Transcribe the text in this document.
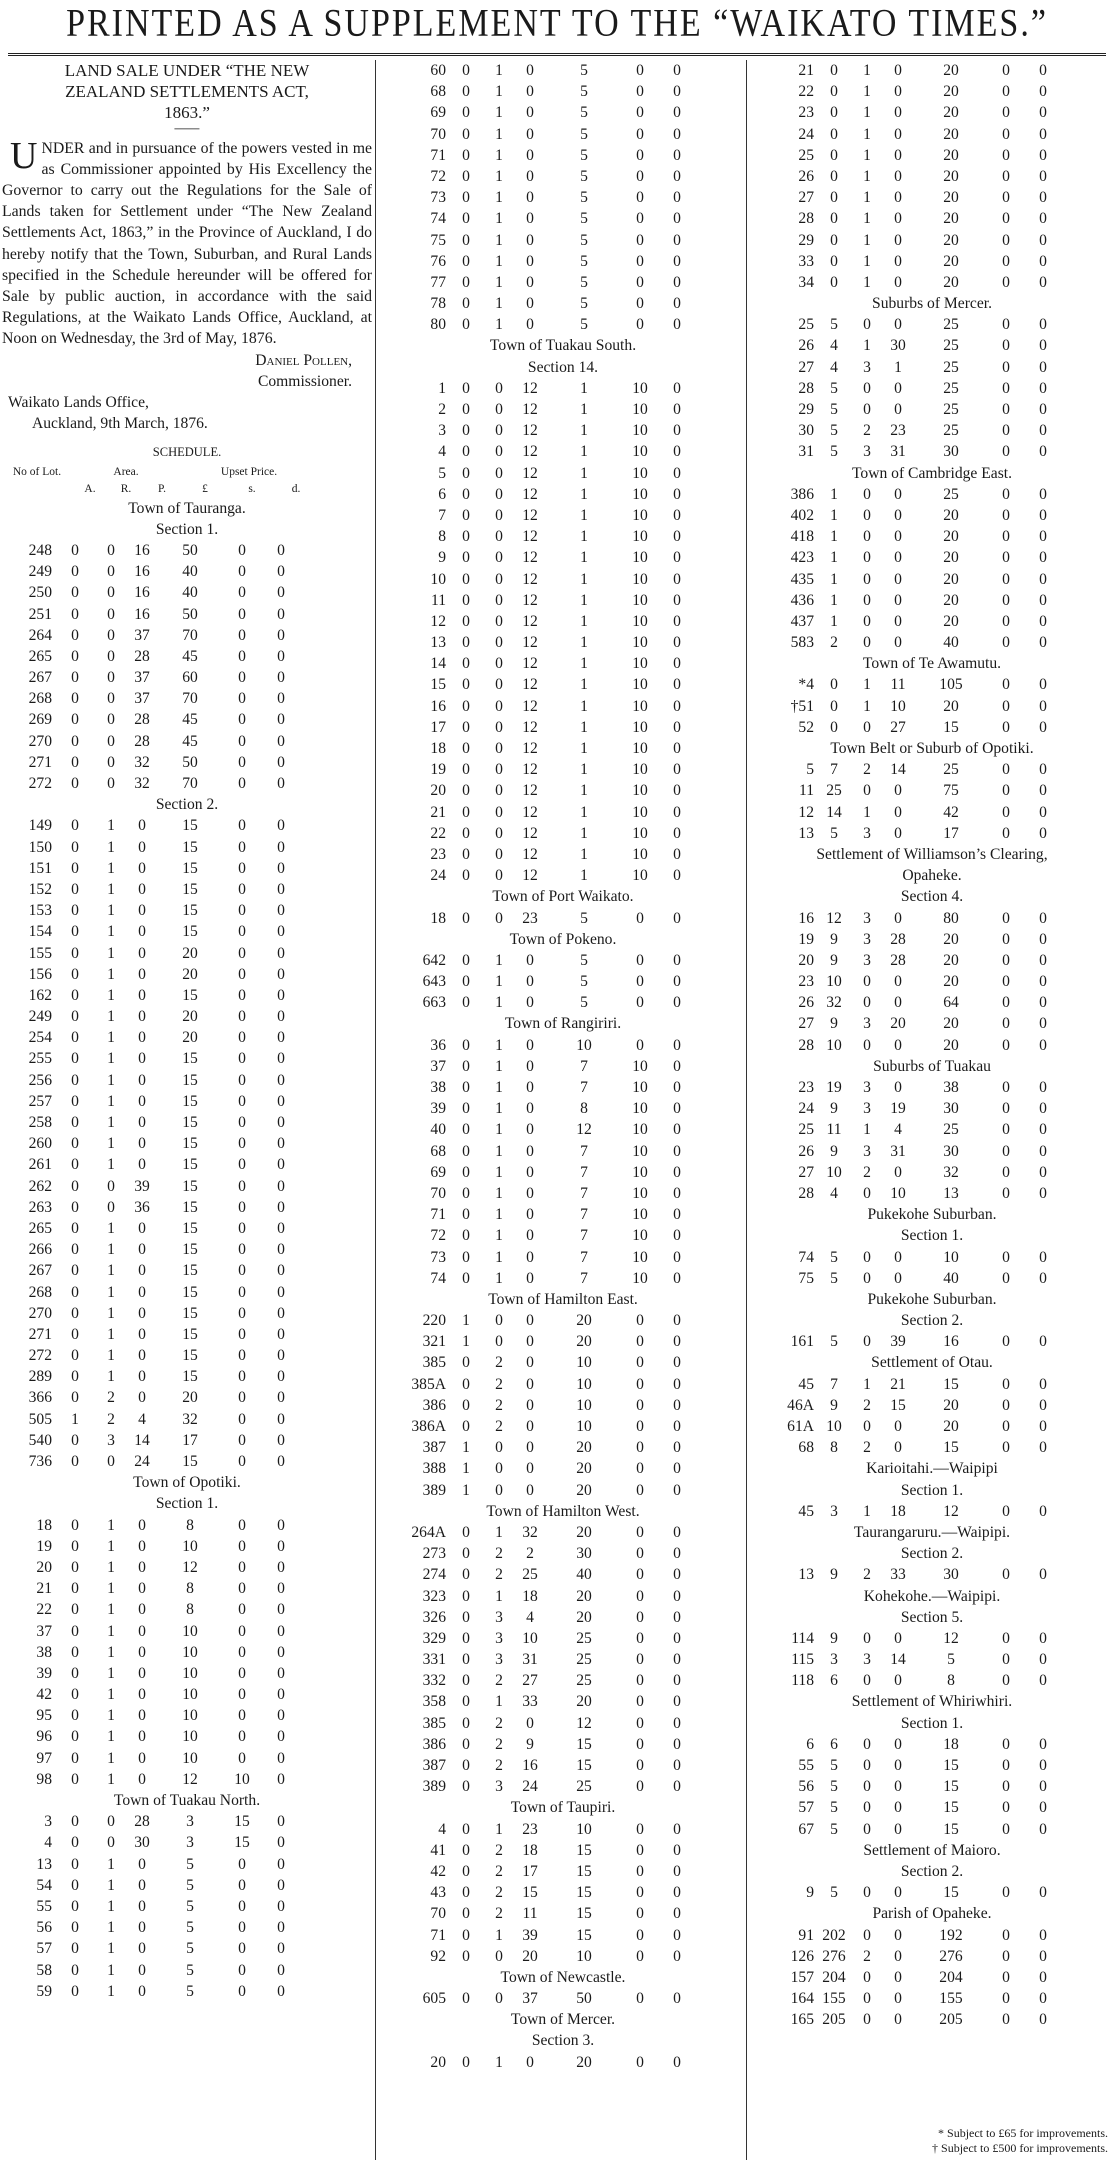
PRINTED AS A SUPPLEMENT TO THE “WAIKATO TIMES.”
LAND SALE UNDER “THE NEW
ZEALAND SETTLEMENTS ACT,
1863.”
⸺
UNDER and in pursuance of the powers vested in me as Commissioner appointed by His Excellency the Governor to carry out the Regulations for the Sale of Lands taken for Settlement under “The New Zealand Settlements Act, 1863,” in the Province of Auckland, I do hereby notify that the Town, Suburban, and Rural Lands specified in the Schedule hereunder will be offered for Sale by public auction, in accordance with the said Regulations, at the Waikato Lands Office, Auckland, at Noon on Wednesday, the 3rd of May, 1876.
Daniel Pollen,
Commissioner.
Waikato Lands Office,
Auckland, 9th March, 1876.
SCHEDULE.
No of Lot.	Area.	Upset Price.
A.	R.	P.	£	s.	d.
Town of Tauranga.
Section 1.
248	0	0	16	50	0	0
249	0	0	16	40	0	0
250	0	0	16	40	0	0
251	0	0	16	50	0	0
264	0	0	37	70	0	0
265	0	0	28	45	0	0
267	0	0	37	60	0	0
268	0	0	37	70	0	0
269	0	0	28	45	0	0
270	0	0	28	45	0	0
271	0	0	32	50	0	0
272	0	0	32	70	0	0
Section 2.
149	0	1	0	15	0	0
150	0	1	0	15	0	0
151	0	1	0	15	0	0
152	0	1	0	15	0	0
153	0	1	0	15	0	0
154	0	1	0	15	0	0
155	0	1	0	20	0	0
156	0	1	0	20	0	0
162	0	1	0	15	0	0
249	0	1	0	20	0	0
254	0	1	0	20	0	0
255	0	1	0	15	0	0
256	0	1	0	15	0	0
257	0	1	0	15	0	0
258	0	1	0	15	0	0
260	0	1	0	15	0	0
261	0	1	0	15	0	0
262	0	0	39	15	0	0
263	0	0	36	15	0	0
265	0	1	0	15	0	0
266	0	1	0	15	0	0
267	0	1	0	15	0	0
268	0	1	0	15	0	0
270	0	1	0	15	0	0
271	0	1	0	15	0	0
272	0	1	0	15	0	0
289	0	1	0	15	0	0
366	0	2	0	20	0	0
505	1	2	4	32	0	0
540	0	3	14	17	0	0
736	0	0	24	15	0	0
Town of Opotiki.
Section 1.
18	0	1	0	8	0	0
19	0	1	0	10	0	0
20	0	1	0	12	0	0
21	0	1	0	8	0	0
22	0	1	0	8	0	0
37	0	1	0	10	0	0
38	0	1	0	10	0	0
39	0	1	0	10	0	0
42	0	1	0	10	0	0
95	0	1	0	10	0	0
96	0	1	0	10	0	0
97	0	1	0	10	0	0
98	0	1	0	12	10	0
Town of Tuakau North.
3	0	0	28	3	15	0
4	0	0	30	3	15	0
13	0	1	0	5	0	0
54	0	1	0	5	0	0
55	0	1	0	5	0	0
56	0	1	0	5	0	0
57	0	1	0	5	0	0
58	0	1	0	5	0	0
59	0	1	0	5	0	0
60	0	1	0	5	0	0
68	0	1	0	5	0	0
69	0	1	0	5	0	0
70	0	1	0	5	0	0
71	0	1	0	5	0	0
72	0	1	0	5	0	0
73	0	1	0	5	0	0
74	0	1	0	5	0	0
75	0	1	0	5	0	0
76	0	1	0	5	0	0
77	0	1	0	5	0	0
78	0	1	0	5	0	0
80	0	1	0	5	0	0
Town of Tuakau South.
Section 14.
1	0	0	12	1	10	0
2	0	0	12	1	10	0
3	0	0	12	1	10	0
4	0	0	12	1	10	0
5	0	0	12	1	10	0
6	0	0	12	1	10	0
7	0	0	12	1	10	0
8	0	0	12	1	10	0
9	0	0	12	1	10	0
10	0	0	12	1	10	0
11	0	0	12	1	10	0
12	0	0	12	1	10	0
13	0	0	12	1	10	0
14	0	0	12	1	10	0
15	0	0	12	1	10	0
16	0	0	12	1	10	0
17	0	0	12	1	10	0
18	0	0	12	1	10	0
19	0	0	12	1	10	0
20	0	0	12	1	10	0
21	0	0	12	1	10	0
22	0	0	12	1	10	0
23	0	0	12	1	10	0
24	0	0	12	1	10	0
Town of Port Waikato.
18	0	0	23	5	0	0
Town of Pokeno.
642	0	1	0	5	0	0
643	0	1	0	5	0	0
663	0	1	0	5	0	0
Town of Rangiriri.
36	0	1	0	10	0	0
37	0	1	0	7	10	0
38	0	1	0	7	10	0
39	0	1	0	8	10	0
40	0	1	0	12	10	0
68	0	1	0	7	10	0
69	0	1	0	7	10	0
70	0	1	0	7	10	0
71	0	1	0	7	10	0
72	0	1	0	7	10	0
73	0	1	0	7	10	0
74	0	1	0	7	10	0
Town of Hamilton East.
220	1	0	0	20	0	0
321	1	0	0	20	0	0
385	0	2	0	10	0	0
385A	0	2	0	10	0	0
386	0	2	0	10	0	0
386A	0	2	0	10	0	0
387	1	0	0	20	0	0
388	1	0	0	20	0	0
389	1	0	0	20	0	0
Town of Hamilton West.
264A	0	1	32	20	0	0
273	0	2	2	30	0	0
274	0	2	25	40	0	0
323	0	1	18	20	0	0
326	0	3	4	20	0	0
329	0	3	10	25	0	0
331	0	3	31	25	0	0
332	0	2	27	25	0	0
358	0	1	33	20	0	0
385	0	2	0	12	0	0
386	0	2	9	15	0	0
387	0	2	16	15	0	0
389	0	3	24	25	0	0
Town of Taupiri.
4	0	1	23	10	0	0
41	0	2	18	15	0	0
42	0	2	17	15	0	0
43	0	2	15	15	0	0
70	0	2	11	15	0	0
71	0	1	39	15	0	0
92	0	0	20	10	0	0
Town of Newcastle.
605	0	0	37	50	0	0
Town of Mercer.
Section 3.
20	0	1	0	20	0	0
21	0	1	0	20	0	0
22	0	1	0	20	0	0
23	0	1	0	20	0	0
24	0	1	0	20	0	0
25	0	1	0	20	0	0
26	0	1	0	20	0	0
27	0	1	0	20	0	0
28	0	1	0	20	0	0
29	0	1	0	20	0	0
33	0	1	0	20	0	0
34	0	1	0	20	0	0
Suburbs of Mercer.
25	5	0	0	25	0	0
26	4	1	30	25	0	0
27	4	3	1	25	0	0
28	5	0	0	25	0	0
29	5	0	0	25	0	0
30	5	2	23	25	0	0
31	5	3	31	30	0	0
Town of Cambridge East.
386	1	0	0	25	0	0
402	1	0	0	20	0	0
418	1	0	0	20	0	0
423	1	0	0	20	0	0
435	1	0	0	20	0	0
436	1	0	0	20	0	0
437	1	0	0	20	0	0
583	2	0	0	40	0	0
Town of Te Awamutu.
*4	0	1	11	105	0	0
†51	0	1	10	20	0	0
52	0	0	27	15	0	0
Town Belt or Suburb of Opotiki.
5	7	2	14	25	0	0
11 25	0	0	75	0	0
12 14	1	0	42	0	0
13	5	3	0	17	0	0
Settlement of Williamson’s Clearing,
Opaheke.
Section 4.
16 12	3	0	80	0	0
19	9	3	28	20	0	0
20	9	3	28	20	0	0
23 10	0	0	20	0	0
26 32	0	0	64	0	0
27	9	3	20	20	0	0
28 10	0	0	20	0	0
Suburbs of Tuakau
23 19	3	0	38	0	0
24	9	3	19	30	0	0
25 11	1	4	25	0	0
26	9	3	31	30	0	0
27 10	2	0	32	0	0
28	4	0	10	13	0	0
Pukekohe Suburban.
Section 1.
74	5	0	0	10	0	0
75	5	0	0	40	0	0
Pukekohe Suburban.
Section 2.
161	5	0	39	16	0	0
Settlement of Otau.
45	7	1	21	15	0	0
46A	9	2	15	20	0	0
61A 10	0	0	20	0	0
68	8	2	0	15	0	0
Karioitahi.—Waipipi
Section 1.
45	3	1	18	12	0	0
Taurangaruru.—Waipipi.
Section 2.
13	9	2	33	30	0	0
Kohekohe.—Waipipi.
Section 5.
114	9	0	0	12	0	0
115	3	3	14	5	0	0
118	6	0	0	8	0	0
Settlement of Whiriwhiri.
Section 1.
6	6	0	0	18	0	0
55	5	0	0	15	0	0
56	5	0	0	15	0	0
57	5	0	0	15	0	0
67	5	0	0	15	0	0
Settlement of Maioro.
Section 2.
9	5	0	0	15	0	0
Parish of Opaheke.
91 202	0	0	192	0	0
126 276	2	0	276	0	0
157 204	0	0	204	0	0
164 155	0	0	155	0	0
165 205	0	0	205	0	0
* Subject to £65 for improvements.
† Subject to £500 for improvements.
